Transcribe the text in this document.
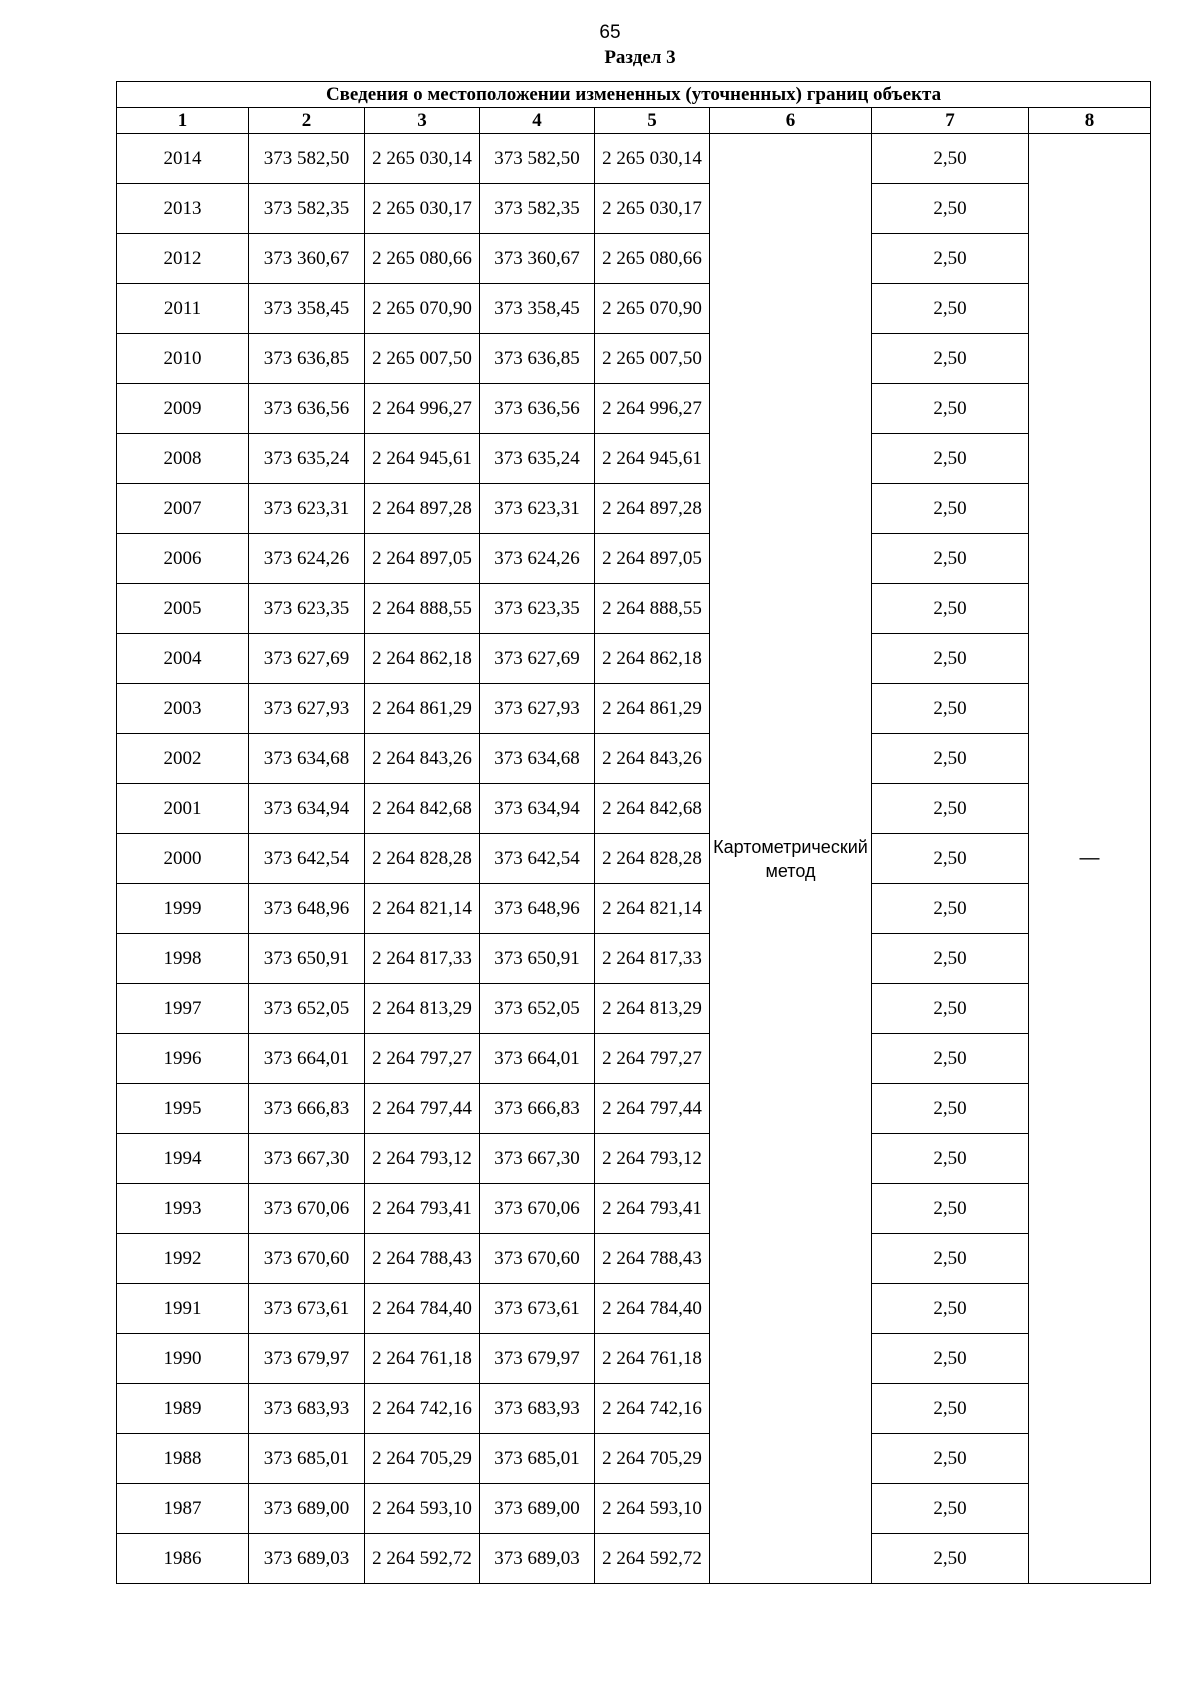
65
Раздел 3
Сведения о местоположении измененных (уточненных) границ объекта							
1	2	3	4	5	6	7	8
2014	373 582,50	2 265 030,14	373 582,50	2 265 030,14	Картометрический метод	2,50	—
2013	373 582,35	2 265 030,17	373 582,35	2 265 030,17		2,50	
2012	373 360,67	2 265 080,66	373 360,67	2 265 080,66		2,50	
2011	373 358,45	2 265 070,90	373 358,45	2 265 070,90		2,50	
2010	373 636,85	2 265 007,50	373 636,85	2 265 007,50		2,50	
2009	373 636,56	2 264 996,27	373 636,56	2 264 996,27		2,50	
2008	373 635,24	2 264 945,61	373 635,24	2 264 945,61		2,50	
2007	373 623,31	2 264 897,28	373 623,31	2 264 897,28		2,50	
2006	373 624,26	2 264 897,05	373 624,26	2 264 897,05		2,50	
2005	373 623,35	2 264 888,55	373 623,35	2 264 888,55		2,50	
2004	373 627,69	2 264 862,18	373 627,69	2 264 862,18		2,50	
2003	373 627,93	2 264 861,29	373 627,93	2 264 861,29		2,50	
2002	373 634,68	2 264 843,26	373 634,68	2 264 843,26		2,50	
2001	373 634,94	2 264 842,68	373 634,94	2 264 842,68		2,50	
2000	373 642,54	2 264 828,28	373 642,54	2 264 828,28		2,50	
1999	373 648,96	2 264 821,14	373 648,96	2 264 821,14		2,50	
1998	373 650,91	2 264 817,33	373 650,91	2 264 817,33		2,50	
1997	373 652,05	2 264 813,29	373 652,05	2 264 813,29		2,50	
1996	373 664,01	2 264 797,27	373 664,01	2 264 797,27		2,50	
1995	373 666,83	2 264 797,44	373 666,83	2 264 797,44		2,50	
1994	373 667,30	2 264 793,12	373 667,30	2 264 793,12		2,50	
1993	373 670,06	2 264 793,41	373 670,06	2 264 793,41		2,50	
1992	373 670,60	2 264 788,43	373 670,60	2 264 788,43		2,50	
1991	373 673,61	2 264 784,40	373 673,61	2 264 784,40		2,50	
1990	373 679,97	2 264 761,18	373 679,97	2 264 761,18		2,50	
1989	373 683,93	2 264 742,16	373 683,93	2 264 742,16		2,50	
1988	373 685,01	2 264 705,29	373 685,01	2 264 705,29		2,50	
1987	373 689,00	2 264 593,10	373 689,00	2 264 593,10		2,50	
1986	373 689,03	2 264 592,72	373 689,03	2 264 592,72		2,50	
